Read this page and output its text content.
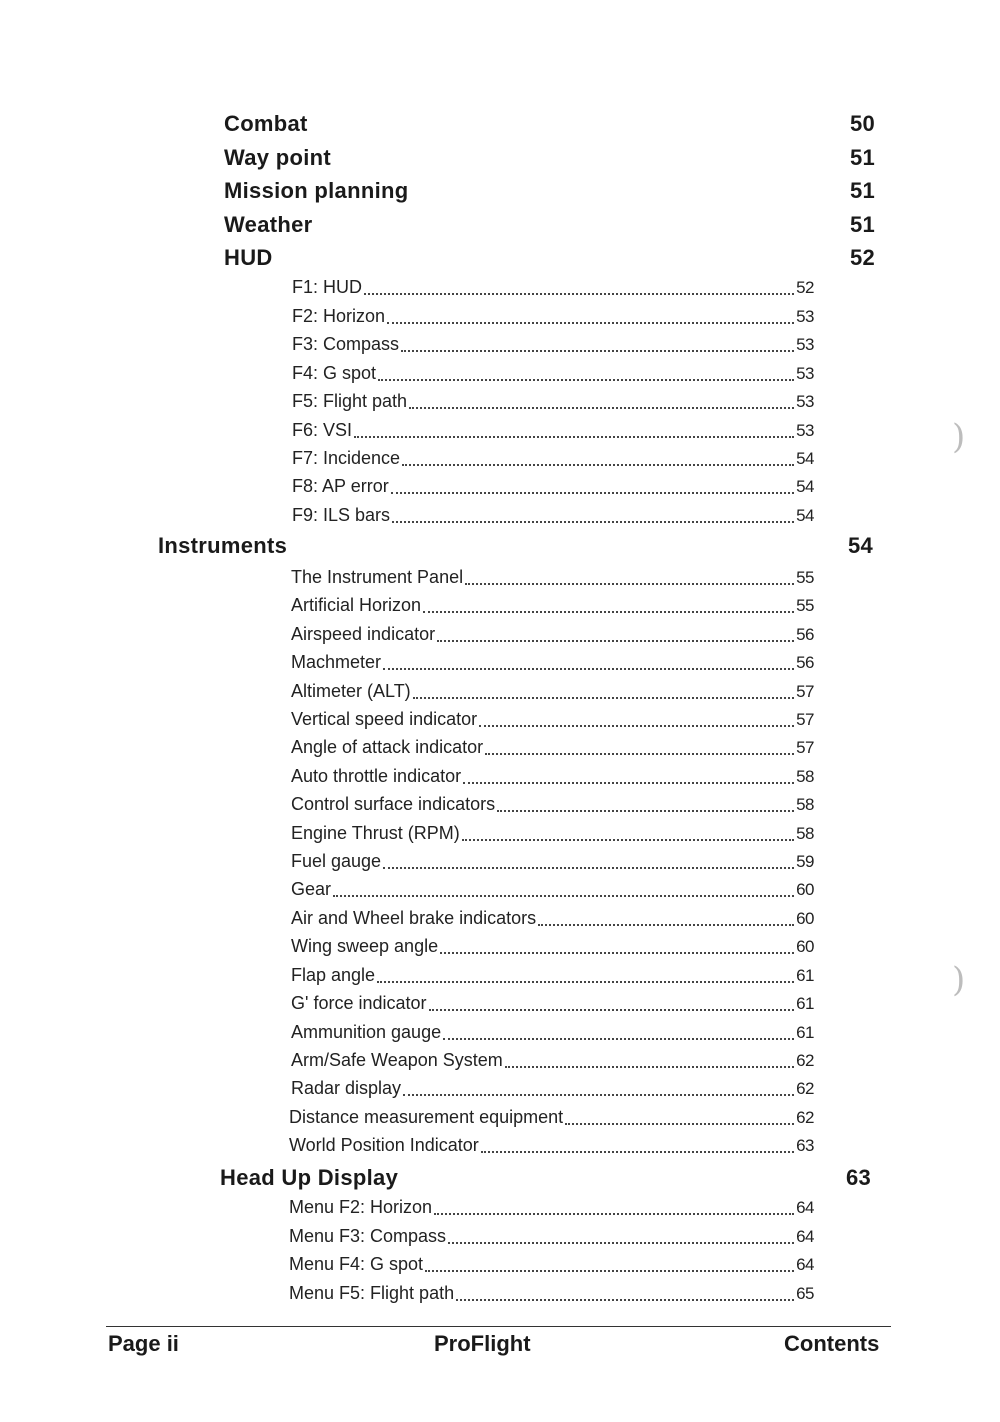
Combat	50
Way point	51
Mission planning	51
Weather	51
HUD	52
F1: HUD	52
F2: Horizon	53
F3: Compass	53
F4: G spot	53
F5: Flight path	53
F6: VSI	53
F7: Incidence	54
F8: AP error	54
F9: ILS bars	54
Instruments	54
The Instrument Panel	55
Artificial Horizon	55
Airspeed indicator	56
Machmeter	56
Altimeter (ALT)	57
Vertical speed indicator	57
Angle of attack indicator	57
Auto throttle indicator	58
Control surface indicators	58
Engine Thrust (RPM)	58
Fuel gauge	59
Gear	60
Air and Wheel brake indicators	60
Wing sweep angle	60
Flap angle	61
G' force indicator	61
Ammunition gauge	61
Arm/Safe Weapon System	62
Radar display	62
Distance measurement equipment	62
World Position Indicator	63
Head Up Display	63
Menu F2: Horizon	64
Menu F3: Compass	64
Menu F4: G spot	64
Menu F5: Flight path	65
Page ii	ProFlight	Contents
)
)
